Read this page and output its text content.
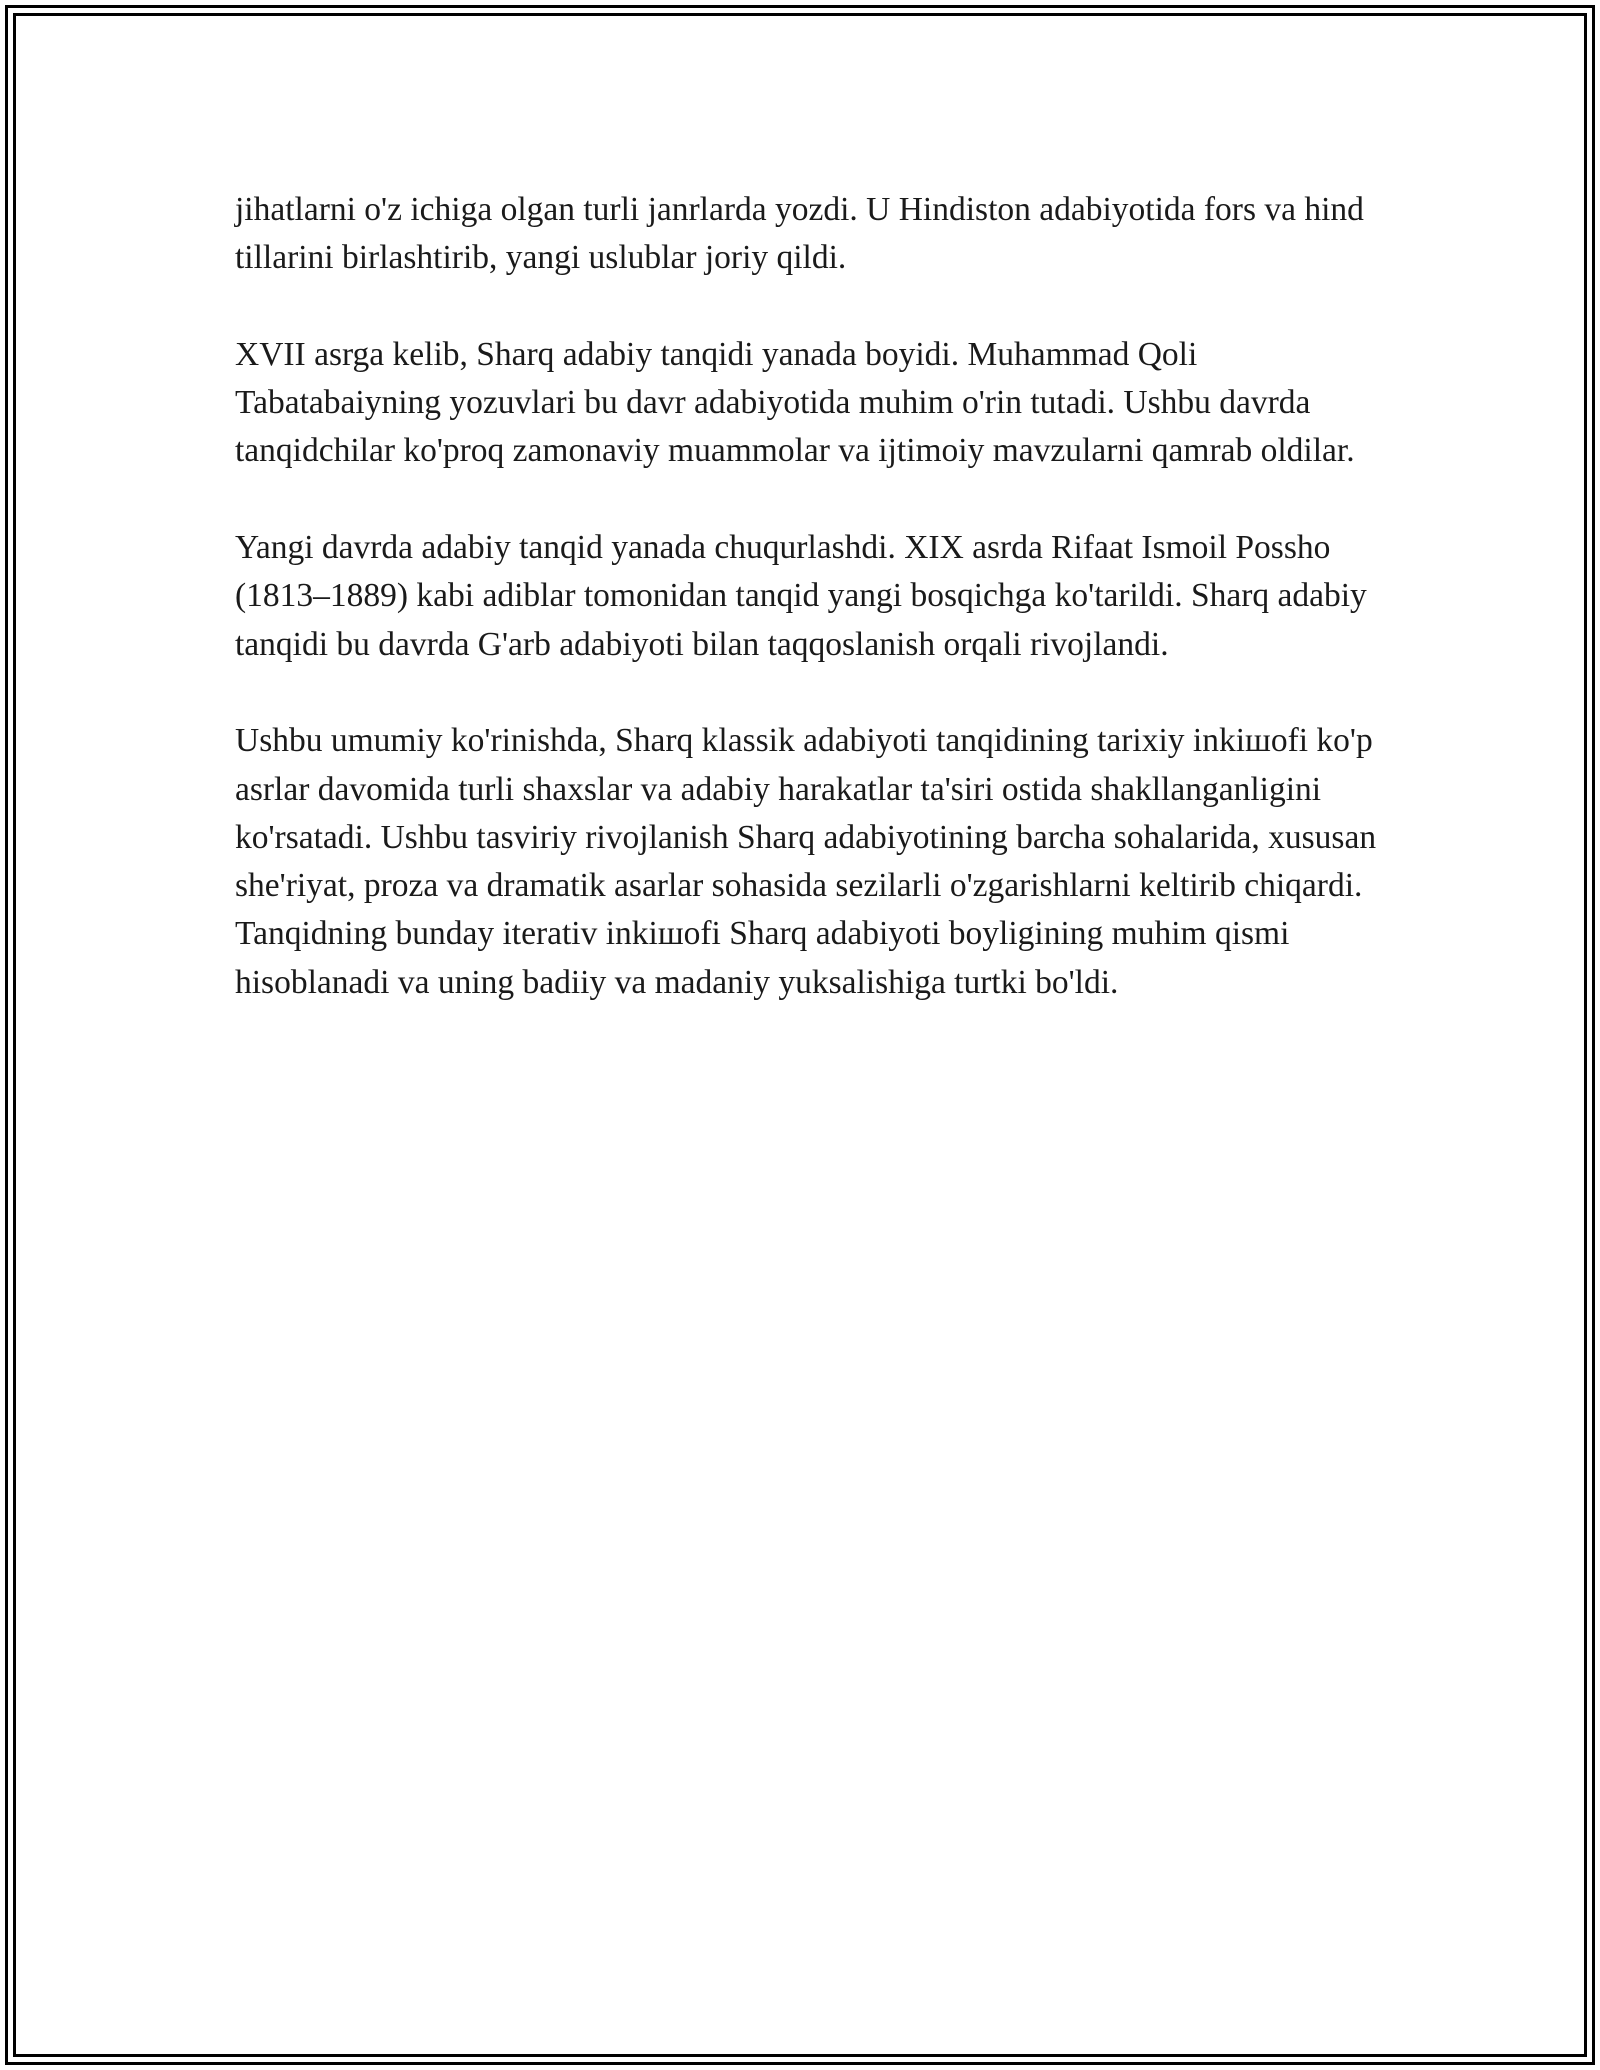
jihatlarni o'z ichiga olgan turli janrlarda yozdi. U Hindiston adabiyotida fors va hind tillarini birlashtirib, yangi uslublar joriy qildi.

XVII asrga kelib, Sharq adabiy tanqidi yanada boyidi. Muhammad Qoli Tabatabaiyning yozuvlari bu davr adabiyotida muhim o'rin tutadi. Ushbu davrda tanqidchilar ko'proq zamonaviy muammolar va ijtimoiy mavzularni qamrab oldilar.

Yangi davrda adabiy tanqid yanada chuqurlashdi. XIX asrda Rifaat Ismoil Possho (1813–1889) kabi adiblar tomonidan tanqid yangi bosqichga ko'tarildi. Sharq adabiy tanqidi bu davrda G'arb adabiyoti bilan taqqoslanish orqali rivojlandi.

Ushbu umumiy ko'rinishda, Sharq klassik adabiyoti tanqidining tarixiy inkiшofi ko'p asrlar davomida turli shaxslar va adabiy harakatlar ta'siri ostida shakllanganligini ko'rsatadi. Ushbu tasviriy rivojlanish Sharq adabiyotining barcha sohalarida, xususan she'riyat, proza va dramatik asarlar sohasida sezilarli o'zgarishlarni keltirib chiqardi. Tanqidning bunday iterativ inkiшofi Sharq adabiyoti boyligining muhim qismi hisoblanadi va uning badiiy va madaniy yuksalishiga turtki bo'ldi.
